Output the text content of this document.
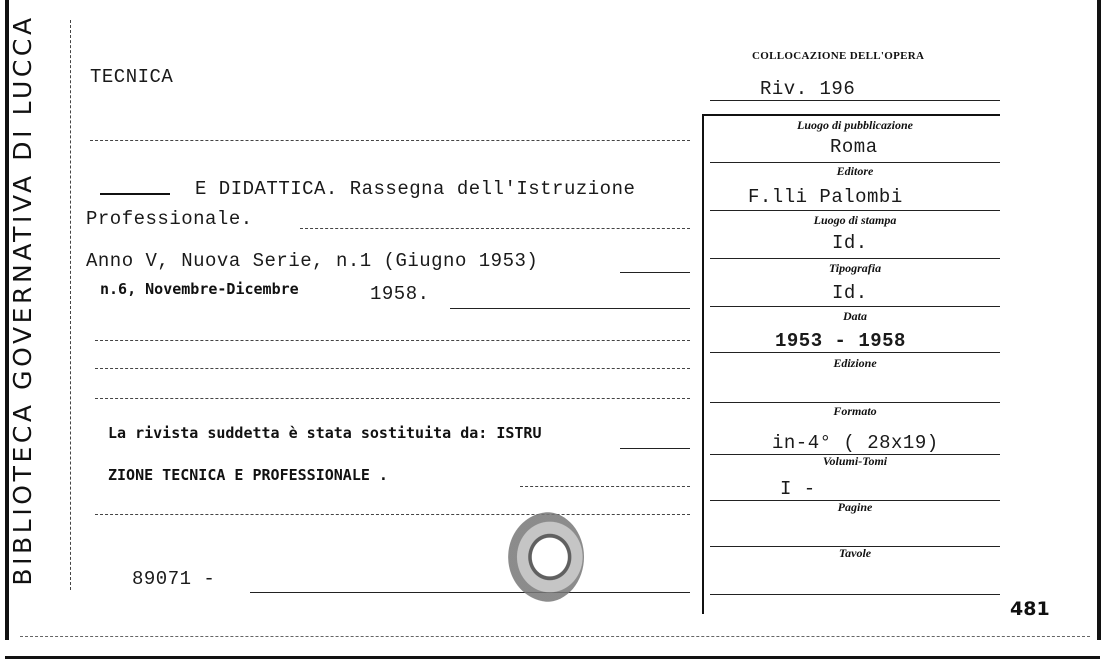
BIBLIOTECA GOVERNATIVA DI LUCCA	TECNICA
COLLOCAZIONE DELL'OPERA
Riv. 196
E DIDATTICA. Rassegna dell'Istruzione
Professionale.
Anno V, Nuova Serie, n.1 (Giugno 1953)
n.6, Novembre-Dicembre	1958.
La rivista suddetta è stata sostituita da: ISTRU
ZIONE TECNICA E PROFESSIONALE .
89071 -
Luogo di pubblicazione
Roma
Editore
F.lli Palombi
Luogo di stampa
Id.
Tipografia
Id.
Data
1953 - 1958
Edizione
Formato
in-4° ( 28x19)
Volumi-Tomi
I -
Pagine
Tavole
481
